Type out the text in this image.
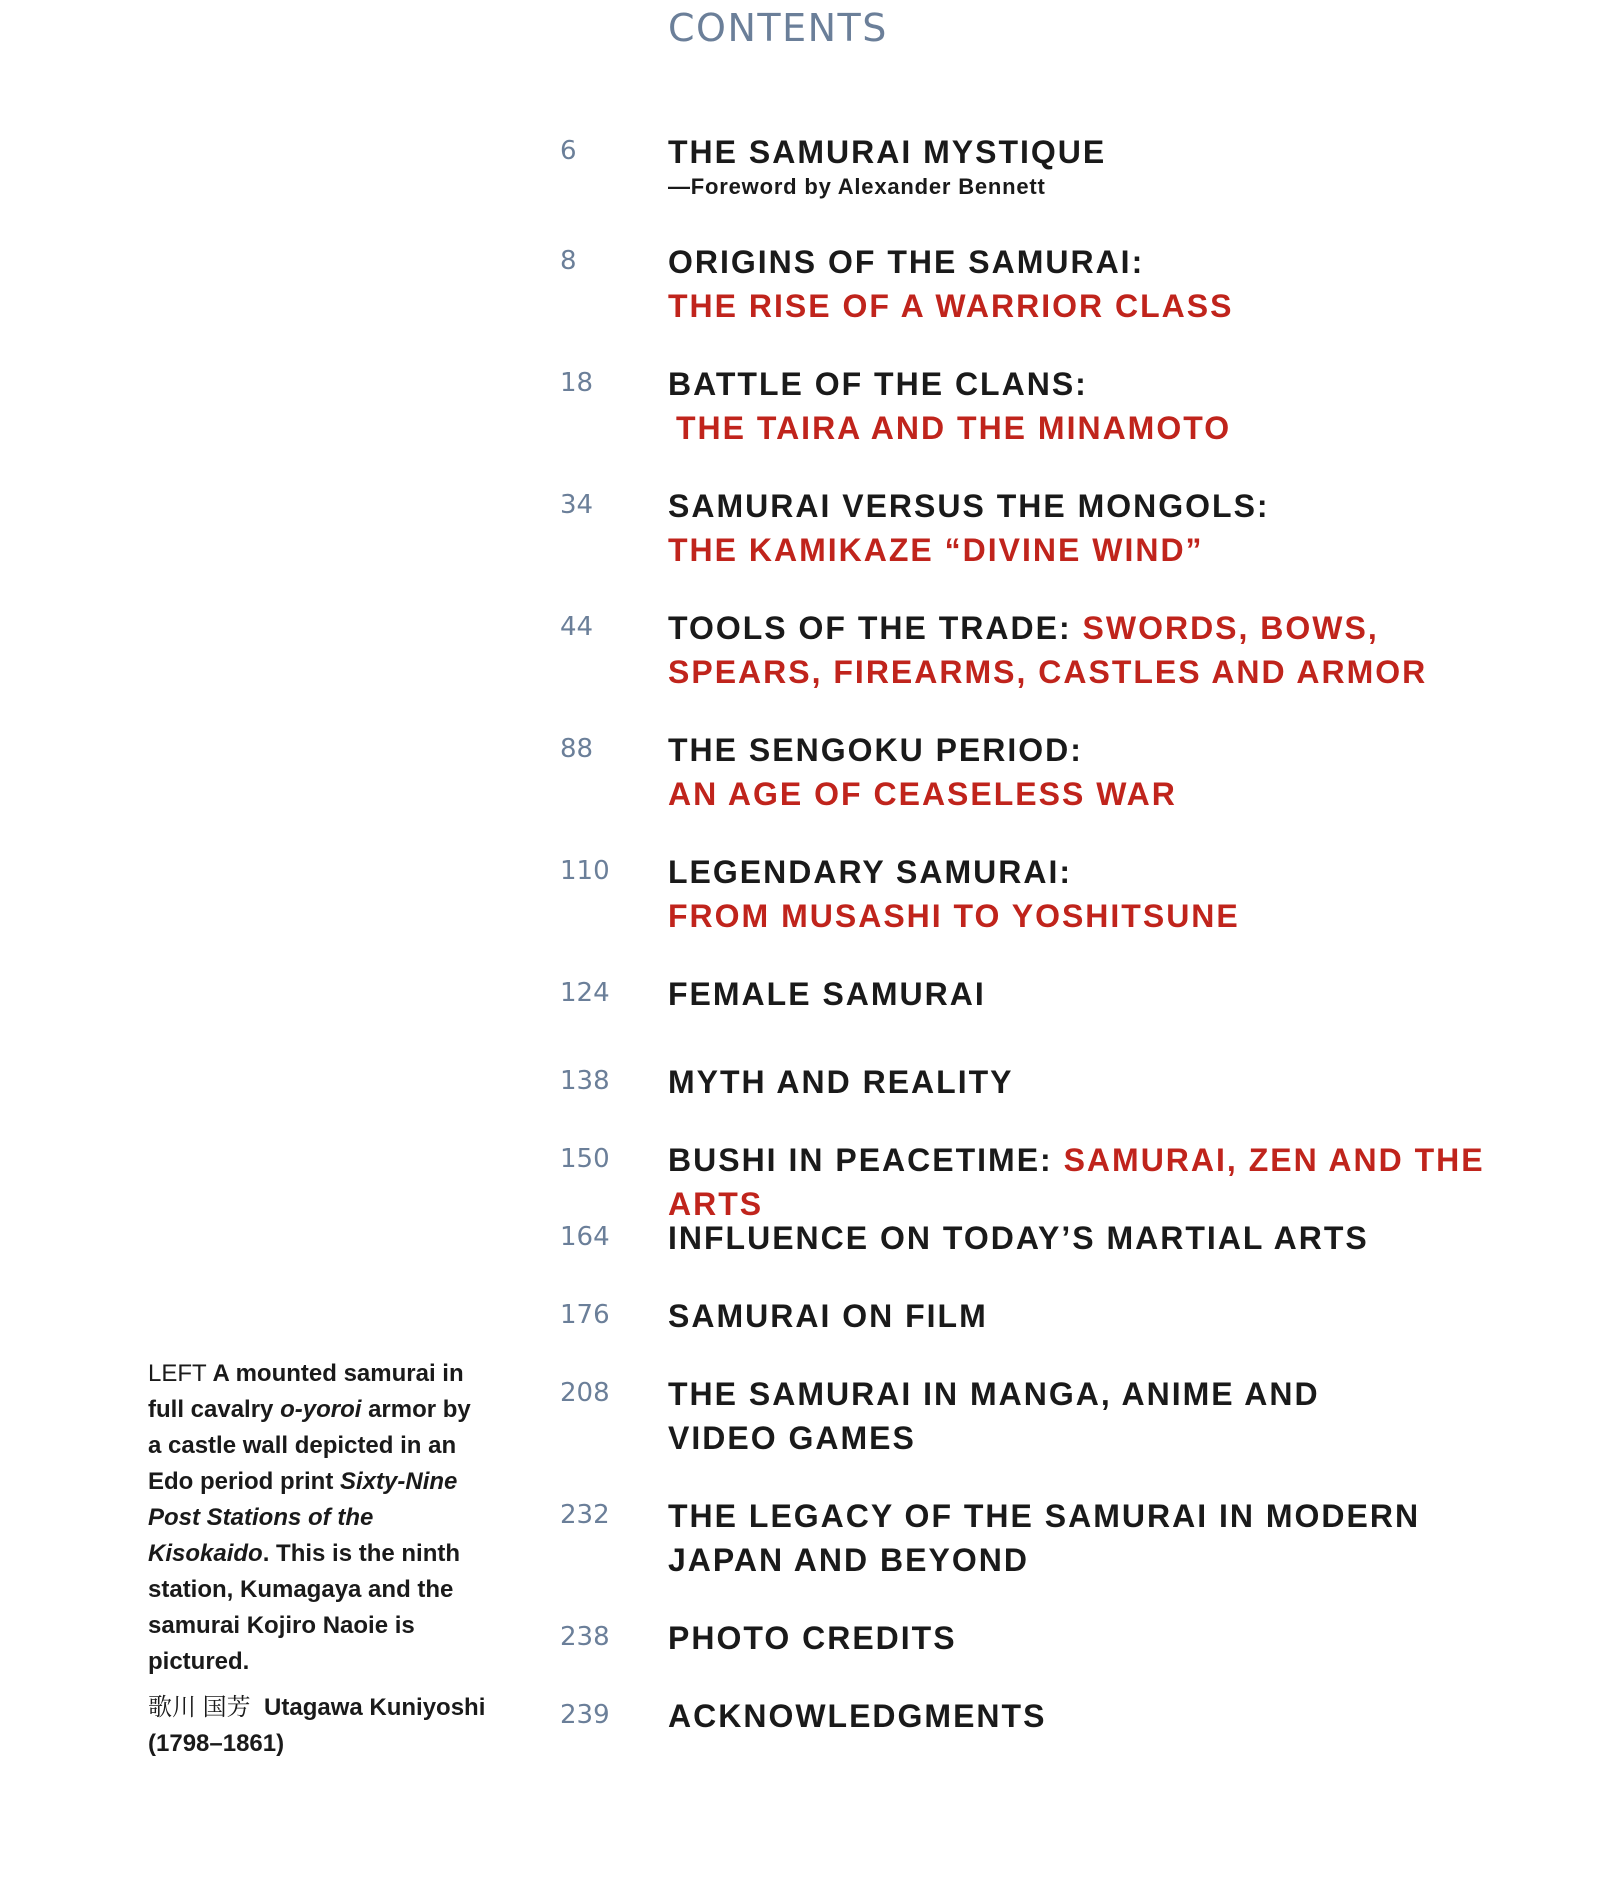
CONTENTS
6	THE SAMURAI MYSTIQUE
—Foreword by Alexander Bennett
8	ORIGINS OF THE SAMURAI:
THE RISE OF A WARRIOR CLASS
18 BATTLE OF THE CLANS:
THE TAIRA AND THE MINAMOTO
34 SAMURAI VERSUS THE MONGOLS:
THE KAMIKAZE “DIVINE WIND”
44 TOOLS OF THE TRADE: SWORDS, BOWS,
SPEARS, FIREARMS, CASTLES AND ARMOR
88 THE SENGOKU PERIOD:
AN AGE OF CEASELESS WAR
110 LEGENDARY SAMURAI:
FROM MUSASHI TO YOSHITSUNE
124 FEMALE SAMURAI
138 MYTH AND REALITY
150 BUSHI IN PEACETIME: SAMURAI, ZEN AND THE ARTS
164 INFLUENCE ON TODAY’S MARTIAL ARTS
176 SAMURAI ON FILM
208 THE SAMURAI IN MANGA, ANIME AND
VIDEO GAMES
232 THE LEGACY OF THE SAMURAI IN MODERN
JAPAN AND BEYOND
238 PHOTO CREDITS
239 ACKNOWLEDGMENTS

LEFT A mounted samurai in full cavalry o-yoroi armor by a castle wall depicted in an Edo period print Sixty-Nine Post Stations of the Kisokaido. This is the ninth station, Kumagaya and the samurai Kojiro Naoie is pictured.

歌川 国芳 Utagawa Kuniyoshi
(1798–1861)
